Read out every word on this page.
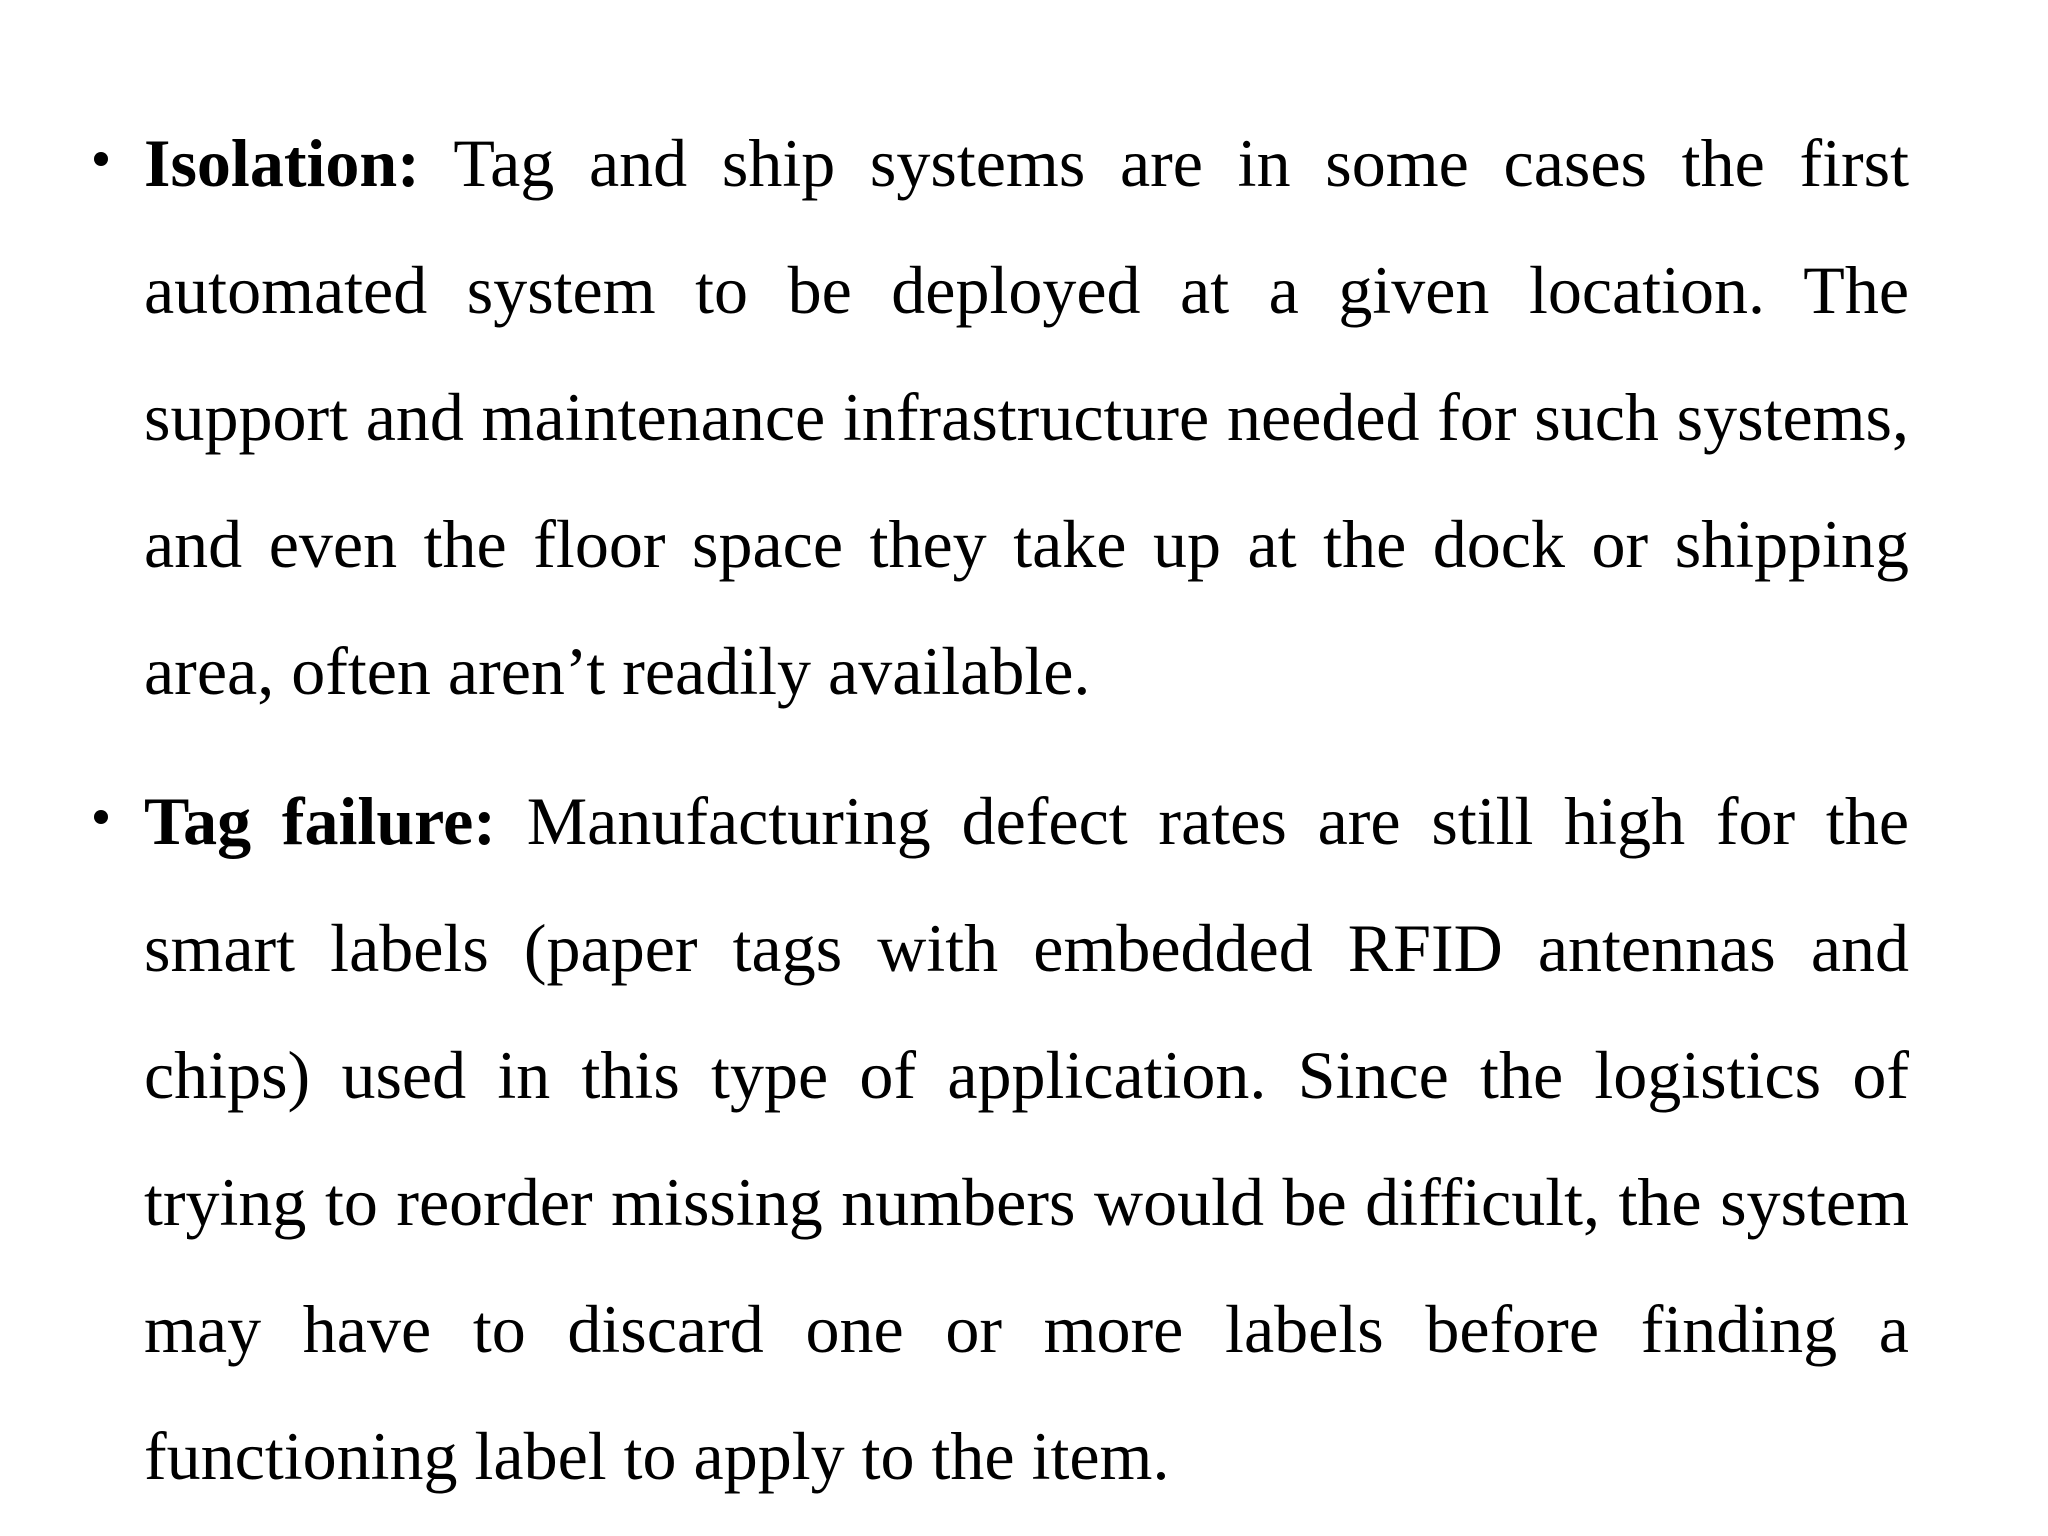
Isolation: Tag and ship systems are in some cases the first automated system to be deployed at a given location. The support and maintenance infrastructure needed for such systems, and even the floor space they take up at the dock or shipping area, often aren’t readily available.

Tag failure: Manufacturing defect rates are still high for the smart labels (paper tags with embedded RFID antennas and chips) used in this type of application. Since the logistics of trying to reorder missing numbers would be difficult, the system may have to discard one or more labels before finding a functioning label to apply to the item.
